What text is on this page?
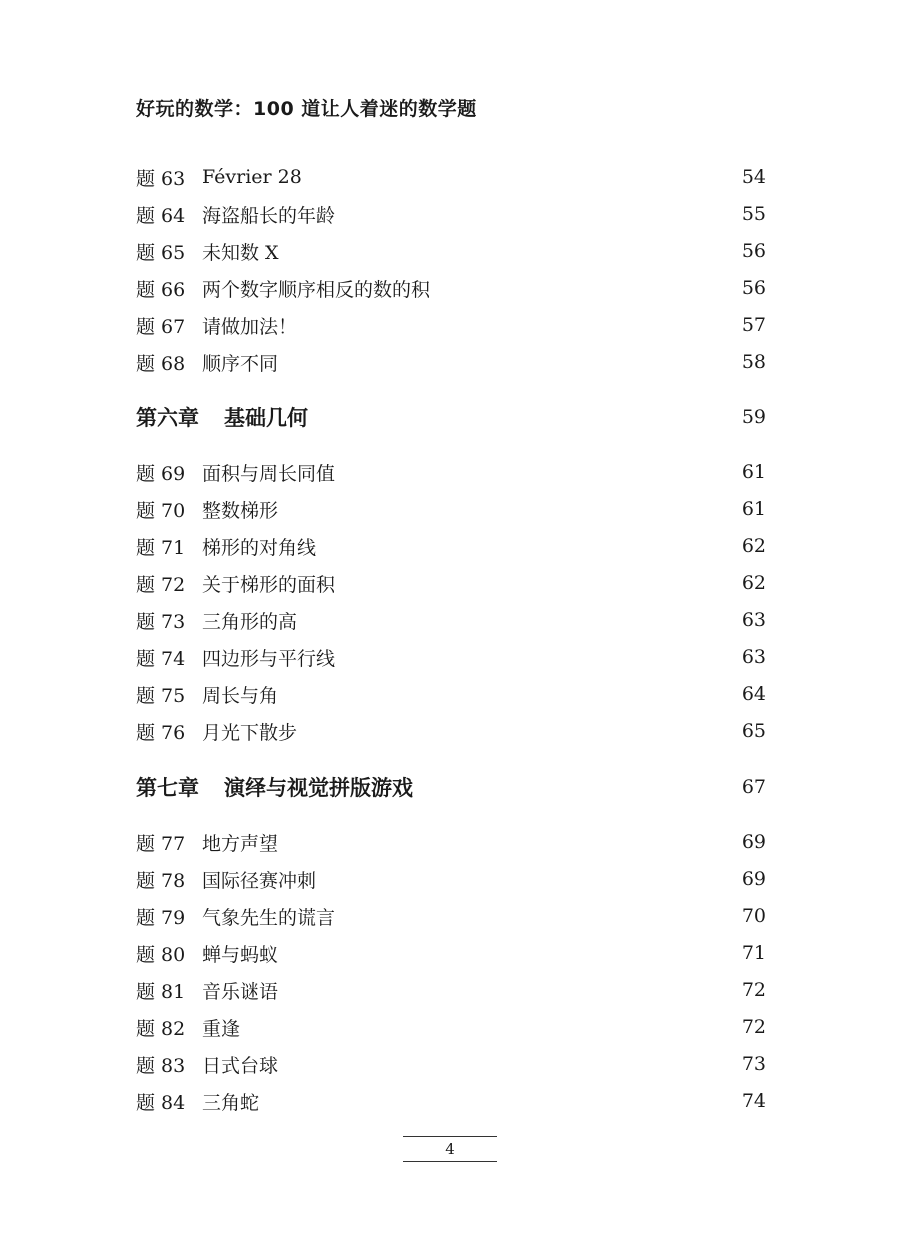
好玩的数学：100 道让人着迷的数学题
题 63 Février 28	54
题 64 海盗船长的年龄	55
题 65 未知数 X	56
题 66 两个数字顺序相反的数的积	56
题 67 请做加法！	57
题 68 顺序不同	58
第六章	基础几何	59
题 69 面积与周长同值	61
题 70 整数梯形	61
题 71 梯形的对角线	62
题 72 关于梯形的面积	62
题 73 三角形的高	63
题 74 四边形与平行线	63
题 75 周长与角	64
题 76 月光下散步	65
第七章	演绎与视觉拼版游戏	67
题 77 地方声望	69
题 78 国际径赛冲刺	69
题 79 气象先生的谎言	70
题 80 蝉与蚂蚁	71
题 81 音乐谜语	72
题 82 重逢	72
题 83 日式台球	73
题 84 三角蛇	74
4
